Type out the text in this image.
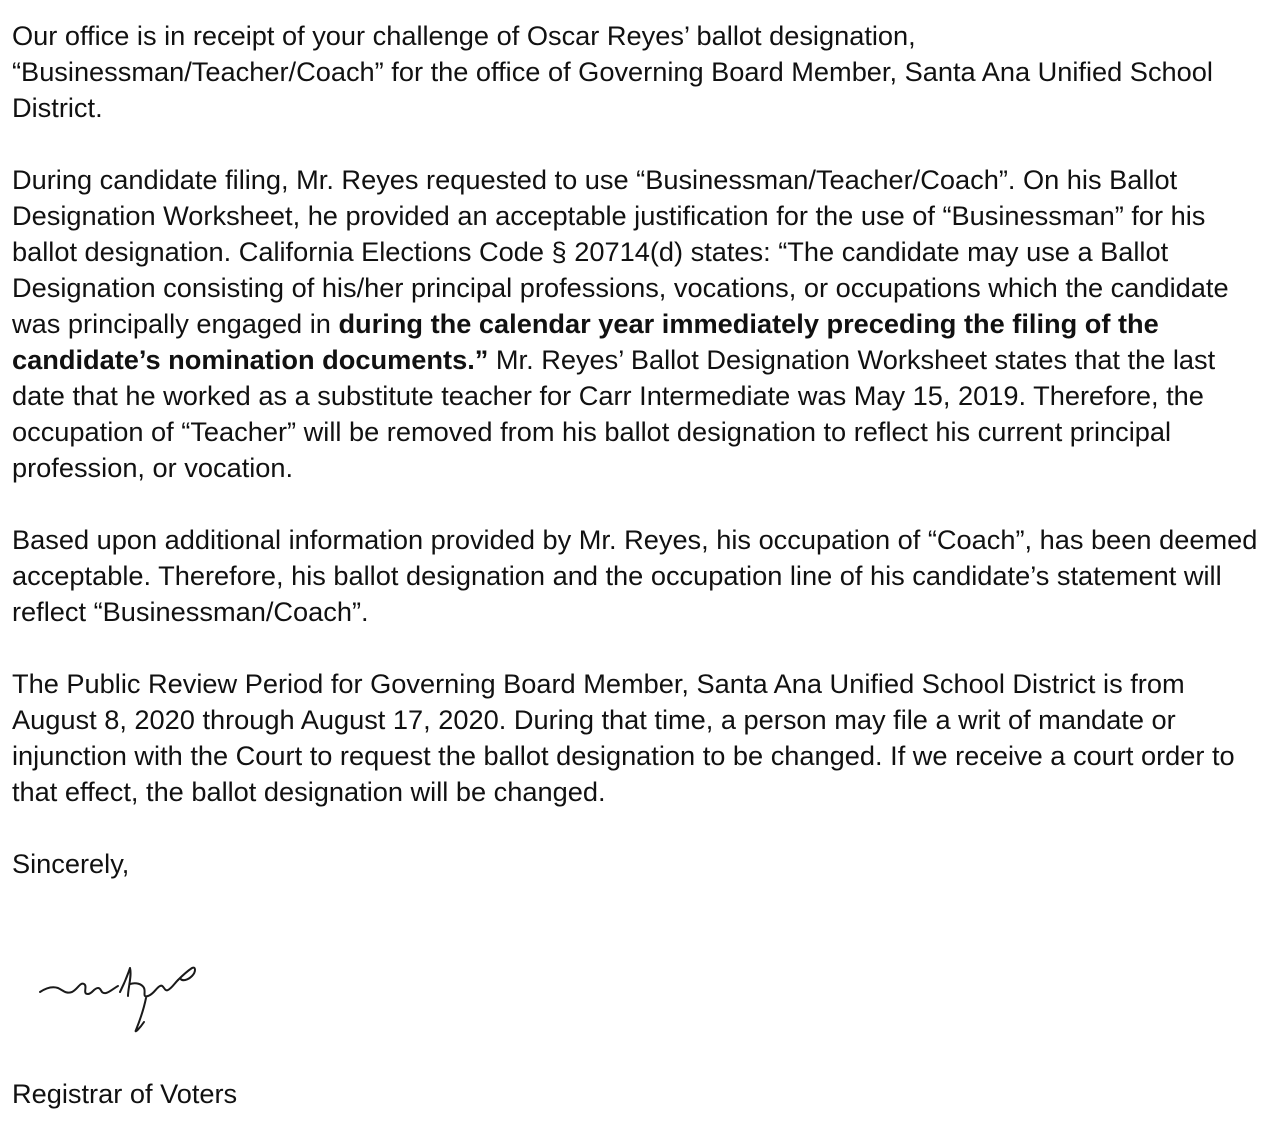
Our office is in receipt of your challenge of Oscar Reyes’ ballot designation, “Businessman/Teacher/Coach” for the office of Governing Board Member, Santa Ana Unified School District.

During candidate filing, Mr. Reyes requested to use “Businessman/Teacher/Coach”. On his Ballot Designation Worksheet, he provided an acceptable justification for the use of “Businessman” for his ballot designation. California Elections Code § 20714(d) states: “The candidate may use a Ballot Designation consisting of his/her principal professions, vocations, or occupations which the candidate was principally engaged in during the calendar year immediately preceding the filing of the candidate’s nomination documents.” Mr. Reyes’ Ballot Designation Worksheet states that the last date that he worked as a substitute teacher for Carr Intermediate was May 15, 2019. Therefore, the occupation of “Teacher” will be removed from his ballot designation to reflect his current principal profession, or vocation.

Based upon additional information provided by Mr. Reyes, his occupation of “Coach”, has been deemed acceptable. Therefore, his ballot designation and the occupation line of his candidate’s statement will reflect “Businessman/Coach”.

The Public Review Period for Governing Board Member, Santa Ana Unified School District is from August 8, 2020 through August 17, 2020. During that time, a person may file a writ of mandate or injunction with the Court to request the ballot designation to be changed. If we receive a court order to that effect, the ballot designation will be changed.

Sincerely,

Registrar of Voters
